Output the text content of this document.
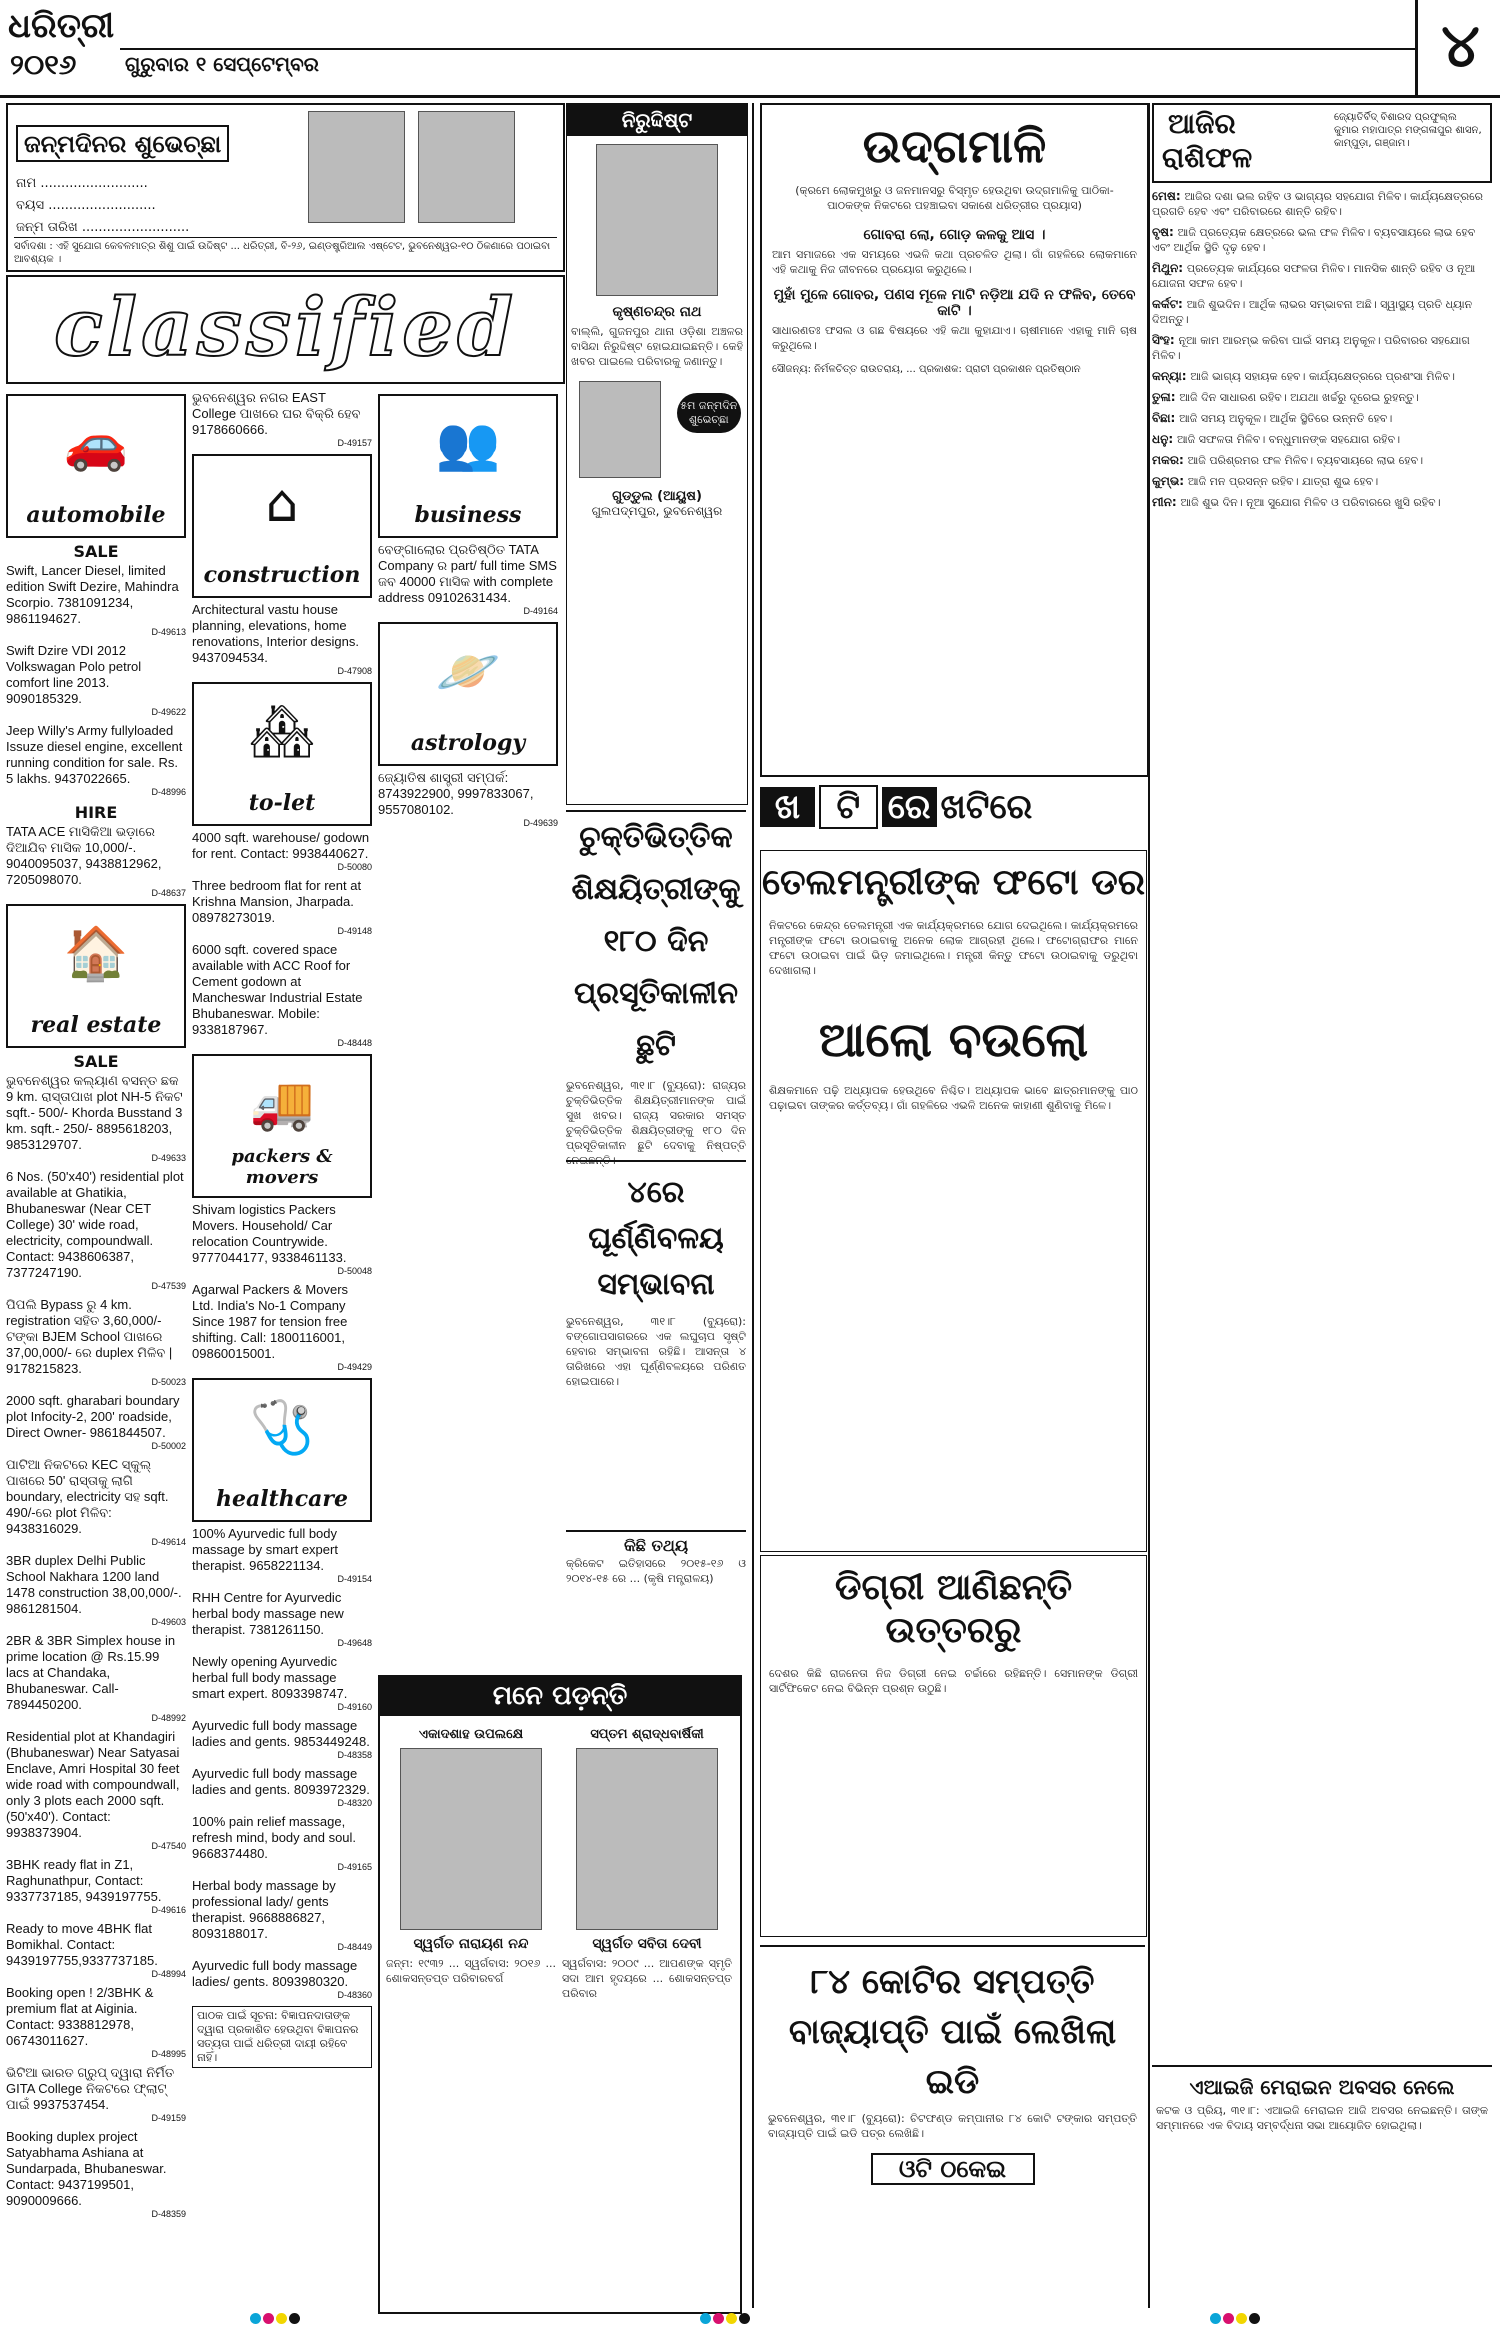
ଧରିତ୍ରୀ
୨୦୧୬ ଗୁରୁବାର ୧ ସେପ୍ଟେମ୍ବର	୪
ଜନ୍ମଦିନର ଶୁଭେଚ୍ଛା
ନାମ ..........................
ବୟସ ..........................
ଜନ୍ମ ତାରିଖ ..........................
ସର୍ବାଦଶା : ଏହି ସୁଯୋଗ କେବଳମାତ୍ର ଶିଶୁ ପାଇଁ ଉଦ୍ଦିଷ୍ଟ ... ଧରିତ୍ରୀ, ବି-୨୬, ଇଣ୍ଡଷ୍ଟ୍ରିଆଲ ଏଷ୍ଟେଟ, ଭୁବନେଶ୍ୱର-୧୦ ଠିକଣାରେ ପଠାଇବା ଆବଶ୍ୟକ ।
classified
🚗
automobile
SALE
Swift, Lancer Diesel, limited edition Swift Dezire, Mahindra Scorpio. 7381091234, 9861194627.
D-49613
Swift Dzire VDI 2012 Volkswagan Polo petrol comfort line 2013. 9090185329.
D-49622
Jeep Willy's Army fullyloaded Issuze diesel engine, excellent running condition for sale. Rs. 5 lakhs. 9437022665.
D-48996
HIRE
TATA ACE ମାସିକିଆ ଭଡ଼ାରେ ଦିଆଯିବ ମାସିକ 10,000/-. 9040095037, 9438812962, 7205098070.
D-48637
🏠
real estate
SALE
ଭୁବନେଶ୍ୱର କଲ୍ୟାଣ ବସନ୍ତ ଛକ 9 km. ରାସ୍ତାପାଖ plot NH-5 ନିକଟ sqft.- 500/- Khorda Busstand 3 km. sqft.- 250/- 8895618203, 9853129707.
D-49633
6 Nos. (50'x40') residential plot available at Ghatikia, Bhubaneswar (Near CET College) 30' wide road, electricity, compoundwall. Contact: 9438606387, 7377247190.
D-47539
ପିପଲି Bypass ରୁ 4 km. registration ସହିତ 3,60,000/- ଟଙ୍କା BJEM School ପାଖରେ 37,00,000/- ରେ duplex ମିଳିବ | 9178215823.
D-50023
2000 sqft. gharabari boundary plot Infocity-2, 200' roadside, Direct Owner- 9861844507.
D-50002
ପାଟିଆ ନିକଟରେ KEC ସ୍କୁଲ୍ ପାଖରେ 50' ରାସ୍ତାକୁ ଲାଗି boundary, electricity ସହ sqft. 490/-ରେ plot ମିଳିବ: 9438316029.
D-49614
3BR duplex Delhi Public School Nakhara 1200 land 1478 construction 38,00,000/-. 9861281504.
D-49603
2BR & 3BR Simplex house in prime location @ Rs.15.99 lacs at Chandaka, Bhubaneswar. Call- 7894450200.
D-48992
Residential plot at Khandagiri (Bhubaneswar) Near Satyasai Enclave, Amri Hospital 30 feet wide road with compoundwall, only 3 plots each 2000 sqft. (50'x40'). Contact: 9938373904.
D-47540
3BHK ready flat in Z1, Raghunathpur, Contact: 9337737185, 9439197755.
D-49616
Ready to move 4BHK flat Bomikhal. Contact: 9439197755,9337737185.
D-48994
Booking open ! 2/3BHK & premium flat at Aiginia. Contact: 9338812978, 06743011627.
D-48995
ଭିଟିଆ ଭାରତ ଗ୍ରୁପ୍ ଦ୍ୱାରା ନିର୍ମିତ GITA College ନିକଟରେ ଫ୍ଲାଟ୍ ପାଇଁ 9937537454.
D-49159
Booking duplex project Satyabhama Ashiana at Sundarpada, Bhubaneswar. Contact: 9437199501, 9090009666.
D-48359
ଭୁବନେଶ୍ୱର ନଗର EAST College ପାଖରେ ଘର ବିକ୍ରି ହେବ 9178660666.
D-49157
⌂
construction
Architectural vastu house planning, elevations, home renovations, Interior designs. 9437094534.
D-47908
🏘
to-let
4000 sqft. warehouse/ godown for rent. Contact: 9938440627.
D-50080
Three bedroom flat for rent at Krishna Mansion, Jharpada. 08978273019.
D-49148
6000 sqft. covered space available with ACC Roof for Cement godown at Mancheswar Industrial Estate Bhubaneswar. Mobile: 9338187967.
D-48448
🚚
packers & movers
Shivam logistics Packers Movers. Household/ Car relocation Countrywide. 9777044177, 9338461133.
D-50048
Agarwal Packers & Movers Ltd. India's No-1 Company Since 1987 for tension free shifting. Call: 1800116001, 09860015001.
D-49429
🩺
healthcare
100% Ayurvedic full body massage by smart expert therapist. 9658221134.
D-49154
RHH Centre for Ayurvedic herbal body massage new therapist. 7381261150.
D-49648
Newly opening Ayurvedic herbal full body massage smart expert. 8093398747.
D-49160
Ayurvedic full body massage ladies and gents. 9853449248.
D-48358
Ayurvedic full body massage ladies and gents. 8093972329.
D-48320
100% pain relief massage, refresh mind, body and soul. 9668374480.
D-49165
Herbal body massage by professional lady/ gents therapist. 9668886827, 8093188017.
D-48449
Ayurvedic full body massage ladies/ gents. 8093980320.
D-48360
ପାଠକ ପାଇଁ ସୂଚନା: ବିଜ୍ଞାପନଦାତାଙ୍କ ଦ୍ୱାରା ପ୍ରକାଶିତ ହେଉଥିବା ବିଜ୍ଞାପନର ସତ୍ୟତା ପାଇଁ ଧରିତ୍ରୀ ଦାୟୀ ରହିବେ ନାହିଁ।
👥
business
ବେଙ୍ଗାଲୋର ପ୍ରତିଷ୍ଠିତ TATA Company ର part/ full time SMS ଜବ 40000 ମାସିକ with complete address 09102631434.
D-49164
🪐
astrology
ଜ୍ୟୋତିଷ ଶାସ୍ତ୍ରୀ ସମ୍ପର୍କ: 8743922900, 9997833067, 9557080102.
D-49639
ନିରୁଦ୍ଦିଷ୍ଟ
କୃଷ୍ଣଚନ୍ଦ୍ର ନାଥ
ବାଲ୍ଲି, ଗୁଜନପୁର ଥାନା ଓଡ଼ିଶା ଅଞ୍ଚଳର ବାସିନ୍ଦା ନିରୁଦ୍ଦିଷ୍ଟ ହୋଇଯାଇଛନ୍ତି। କେହି ଖବର ପାଇଲେ ପରିବାରକୁ ଜଣାନ୍ତୁ।
୫ମ ଜନ୍ମଦିନ ଶୁଭେଚ୍ଛା
ଗୁଡ୍ଡୁଲ (ଆୟୁଷ)
ଗୁଲପଦ୍ମପୁର, ଭୁବନେଶ୍ୱର
ଚୁକ୍ତିଭିତ୍ତିକ ଶିକ୍ଷୟିତ୍ରୀଙ୍କୁ ୧୮୦ ଦିନ ପ୍ରସୂତିକାଳୀନ ଛୁଟି
ଭୁବନେଶ୍ୱର, ୩୧।୮ (ବ୍ୟୁରୋ): ରାଜ୍ୟର ଚୁକ୍ତିଭିତ୍ତିକ ଶିକ୍ଷୟିତ୍ରୀମାନଙ୍କ ପାଇଁ ସୁଖ ଖବର। ରାଜ୍ୟ ସରକାର ସମସ୍ତ ଚୁକ୍ତିଭିତ୍ତିକ ଶିକ୍ଷୟିତ୍ରୀଙ୍କୁ ୧୮୦ ଦିନ ପ୍ରସୂତିକାଳୀନ ଛୁଟି ଦେବାକୁ ନିଷ୍ପତ୍ତି ନେଇଛନ୍ତି।
୪ରେ ଘୂର୍ଣ୍ଣିବଳୟ ସମ୍ଭାବନା
ଭୁବନେଶ୍ୱର, ୩୧।୮ (ବ୍ୟୁରୋ): ବଙ୍ଗୋପସାଗରରେ ଏକ ଲଘୁଚାପ ସୃଷ୍ଟି ହେବାର ସମ୍ଭାବନା ରହିଛି। ଆସନ୍ତା ୪ ତାରିଖରେ ଏହା ଘୂର୍ଣ୍ଣିବଳୟରେ ପରିଣତ ହୋଇପାରେ।
କିଛି ତଥ୍ୟ
କ୍ରିକେଟ ଇତିହାସରେ ୨୦୧୫-୧୬ ଓ ୨୦୧୪-୧୫ ରେ ... (କୃଷି ମନ୍ତ୍ରାଳୟ)
ମନେ ପଡ଼ନ୍ତି
ଏକାଦଶାହ ଉପଲକ୍ଷେ
ସ୍ୱର୍ଗତ ନାରାୟଣ ନନ୍ଦ
ଜନ୍ମ: ୧୯୩୨ ... ସ୍ୱର୍ଗବାସ: ୨୦୧୬ ... ଶୋକସନ୍ତପ୍ତ ପରିବାରବର୍ଗ
ସପ୍ତମ ଶ୍ରାଦ୍ଧବାର୍ଷିକୀ
ସ୍ୱର୍ଗତ ସବିତା ଦେବୀ
ସ୍ୱର୍ଗବାସ: ୨୦୦୯ ... ଆପଣଙ୍କ ସ୍ମୃତି ସଦା ଆମ ହୃଦୟରେ ... ଶୋକସନ୍ତପ୍ତ ପରିବାର
ଉଦ୍‌ଗମାଳି
(କ୍ରମେ ଲୋକମୁଖରୁ ଓ ଜନମାନସରୁ ବିସ୍ମୃତ ହେଉଥିବା ଉଦ୍‌ଗମାଳିକୁ ପାଠିକା-ପାଠକଙ୍କ ନିକଟରେ ପହଞ୍ଚାଇବା ସକାଶେ ଧରିତ୍ରୀର ପ୍ରୟାସ)
ଗୋବରା ଲୋ, ଗୋଡ଼ କଳକୁ ଆସ ।
ଆମ ସମାଜରେ ଏକ ସମୟରେ ଏଭଳି କଥା ପ୍ରଚଳିତ ଥିଲା। ଗାଁ ଗହଳିରେ ଲୋକମାନେ ଏହି କଥାକୁ ନିଜ ଜୀବନରେ ପ୍ରୟୋଗ କରୁଥିଲେ।
ମୁହାଁ ମୁଳେ ଗୋବର, ପଣସ ମୂଳେ ମାଟି ନଡ଼ିଆ ଯଦି ନ ଫଳିବ, ତେବେ କାଟି ।
ସାଧାରଣତଃ ଫସଲ ଓ ଗଛ ବିଷୟରେ ଏହି କଥା କୁହାଯାଏ। ଚାଷୀମାନେ ଏହାକୁ ମାନି ଚାଷ କରୁଥିଲେ।
ସୌଜନ୍ୟ: ନିର୍ମଳଚିତ୍ତ ରାଉତରାୟ, ... ପ୍ରକାଶକ: ପ୍ରାଚୀ ପ୍ରକାଶନ ପ୍ରତିଷ୍ଠାନ
ଖ ଟି ରେ ଖଟିରେ
ତେଲମନ୍ତ୍ରୀଙ୍କ ଫଟୋ ଡର
ନିକଟରେ କେନ୍ଦ୍ର ତେଲମନ୍ତ୍ରୀ ଏକ କାର୍ଯ୍ୟକ୍ରମରେ ଯୋଗ ଦେଇଥିଲେ। କାର୍ଯ୍ୟକ୍ରମରେ ମନ୍ତ୍ରୀଙ୍କ ଫଟୋ ଉଠାଇବାକୁ ଅନେକ ଲୋକ ଆଗ୍ରହୀ ଥିଲେ। ଫଟୋଗ୍ରାଫର ମାନେ ଫଟୋ ଉଠାଇବା ପାଇଁ ଭିଡ଼ ଜମାଇଥିଲେ। ମନ୍ତ୍ରୀ କିନ୍ତୁ ଫଟୋ ଉଠାଇବାକୁ ଡରୁଥିବା ଦେଖାଗଲା।
ଆଲୋ ବଉଲୋ
ଶିକ୍ଷକମାନେ ପଢ଼ି ଅଧ୍ୟାପକ ହେଉଥିବେ ନିଶ୍ଚିତ। ଅଧ୍ୟାପକ ଭାବେ ଛାତ୍ରମାନଙ୍କୁ ପାଠ ପଢ଼ାଇବା ତାଙ୍କର କର୍ତ୍ତବ୍ୟ। ଗାଁ ଗହଳିରେ ଏଭଳି ଅନେକ କାହାଣୀ ଶୁଣିବାକୁ ମିଳେ।
ଡିଗ୍ରୀ ଆଣିଛନ୍ତି ଉତ୍ତରରୁ
ଦେଶର କିଛି ରାଜନେତା ନିଜ ଡିଗ୍ରୀ ନେଇ ଚର୍ଚ୍ଚାରେ ରହିଛନ୍ତି। ସେମାନଙ୍କ ଡିଗ୍ରୀ ସାର୍ଟିଫିକେଟ ନେଇ ବିଭିନ୍ନ ପ୍ରଶ୍ନ ଉଠୁଛି।
୮୪ କୋଟିର ସମ୍ପତ୍ତି ବାଜ୍ୟାପ୍ତି ପାଇଁ ଲେଖିଲା ଇଡି
ଭୁବନେଶ୍ୱର, ୩୧।୮ (ବ୍ୟୁରୋ): ଚିଟଫଣ୍ଡ କମ୍ପାନୀର ୮୪ କୋଟି ଟଙ୍କାର ସମ୍ପତ୍ତି ବାଜ୍ୟାପ୍ତି ପାଇଁ ଇଡି ପତ୍ର ଲେଖିଛି।
ଓଟି ଠକେଇ
ଆଜିର
ରାଶିଫଳ
ଜ୍ୟୋତିର୍ବିଦ୍ ବିଶାରଦ ପ୍ରଫୁଲ୍ଲ କୁମାର ମହାପାତ୍ର ମଙ୍ଗଳାପୁର ଶାସନ, କାମ୍ପୁଡ଼ା, ଗଞ୍ଜାମ।
ମେଷ: ଆଜିର ଦଶା ଭଲ ରହିବ ଓ ଭାଗ୍ୟର ସହଯୋଗ ମିଳିବ। କାର୍ଯ୍ୟକ୍ଷେତ୍ରରେ ପ୍ରଗତି ହେବ ଏବଂ ପରିବାରରେ ଶାନ୍ତି ରହିବ।
ବୃଷ: ଆଜି ପ୍ରତ୍ୟେକ କ୍ଷେତ୍ରରେ ଭଲ ଫଳ ମିଳିବ। ବ୍ୟବସାୟରେ ଲାଭ ହେବ ଏବଂ ଆର୍ଥିକ ସ୍ଥିତି ଦୃଢ଼ ହେବ।
ମିଥୁନ: ପ୍ରତ୍ୟେକ କାର୍ଯ୍ୟରେ ସଫଳତା ମିଳିବ। ମାନସିକ ଶାନ୍ତି ରହିବ ଓ ନୂଆ ଯୋଜନା ସଫଳ ହେବ।
କର୍କଟ: ଆଜି ଶୁଭଦିନ। ଆର୍ଥିକ ଲାଭର ସମ୍ଭାବନା ଅଛି। ସ୍ୱାସ୍ଥ୍ୟ ପ୍ରତି ଧ୍ୟାନ ଦିଅନ୍ତୁ।
ସିଂହ: ନୂଆ କାମ ଆରମ୍ଭ କରିବା ପାଇଁ ସମୟ ଅନୁକୂଳ। ପରିବାରର ସହଯୋଗ ମିଳିବ।
କନ୍ୟା: ଆଜି ଭାଗ୍ୟ ସହାୟକ ହେବ। କାର୍ଯ୍ୟକ୍ଷେତ୍ରରେ ପ୍ରଶଂସା ମିଳିବ।
ତୁଳା: ଆଜି ଦିନ ସାଧାରଣ ରହିବ। ଅଯଥା ଖର୍ଚ୍ଚରୁ ଦୂରେଇ ରୁହନ୍ତୁ।
ବିଛା: ଆଜି ସମୟ ଅନୁକୂଳ। ଆର୍ଥିକ ସ୍ଥିତିରେ ଉନ୍ନତି ହେବ।
ଧନୁ: ଆଜି ସଫଳତା ମିଳିବ। ବନ୍ଧୁମାନଙ୍କ ସହଯୋଗ ରହିବ।
ମକର: ଆଜି ପରିଶ୍ରମର ଫଳ ମିଳିବ। ବ୍ୟବସାୟରେ ଲାଭ ହେବ।
କୁମ୍ଭ: ଆଜି ମନ ପ୍ରସନ୍ନ ରହିବ। ଯାତ୍ରା ଶୁଭ ହେବ।
ମୀନ: ଆଜି ଶୁଭ ଦିନ। ନୂଆ ସୁଯୋଗ ମିଳିବ ଓ ପରିବାରରେ ଖୁସି ରହିବ।
ଏଆଇଜି ମେରାଇନ ଅବସର ନେଲେ
କଟକ ଓ ପ୍ରିୟ, ୩୧।୮: ଏଆଇଜି ମେରାଇନ ଆଜି ଅବସର ନେଇଛନ୍ତି। ତାଙ୍କ ସମ୍ମାନରେ ଏକ ବିଦାୟ ସମ୍ବର୍ଦ୍ଧନା ସଭା ଆୟୋଜିତ ହୋଇଥିଲା।
